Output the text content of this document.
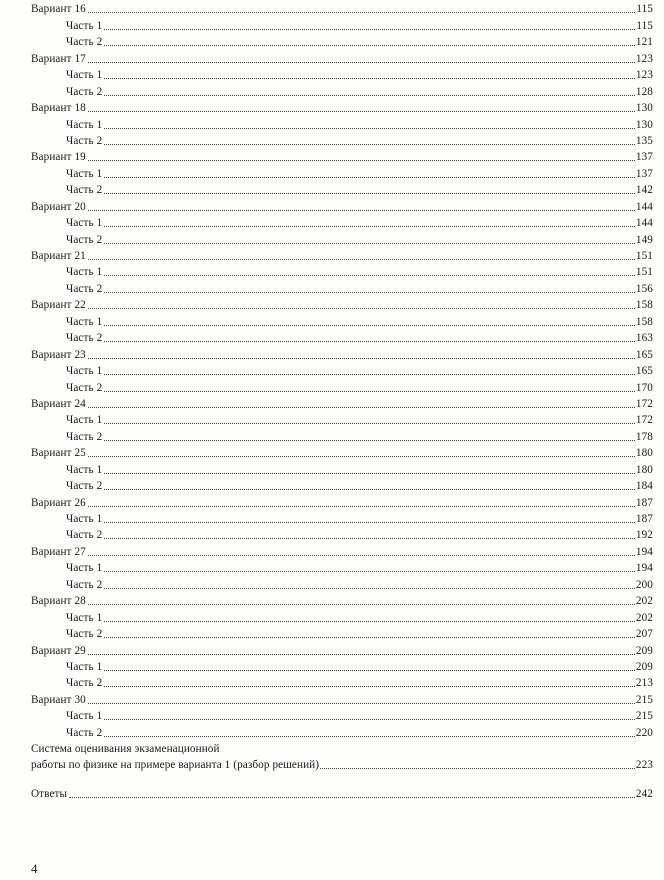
Вариант 16	115
Часть 1	115
Часть 2	121
Вариант 17	123
Часть 1	123
Часть 2	128
Вариант 18	130
Часть 1	130
Часть 2	135
Вариант 19	137
Часть 1	137
Часть 2	142
Вариант 20	144
Часть 1	144
Часть 2	149
Вариант 21	151
Часть 1	151
Часть 2	156
Вариант 22	158
Часть 1	158
Часть 2	163
Вариант 23	165
Часть 1	165
Часть 2	170
Вариант 24	172
Часть 1	172
Часть 2	178
Вариант 25	180
Часть 1	180
Часть 2	184
Вариант 26	187
Часть 1	187
Часть 2	192
Вариант 27	194
Часть 1	194
Часть 2	200
Вариант 28	202
Часть 1	202
Часть 2	207
Вариант 29	209
Часть 1	209
Часть 2	213
Вариант 30	215
Часть 1	215
Часть 2	220
Система оценивания экзаменационной
работы по физике на примере варианта 1 (разбор решений)	223
Ответы	242
4
